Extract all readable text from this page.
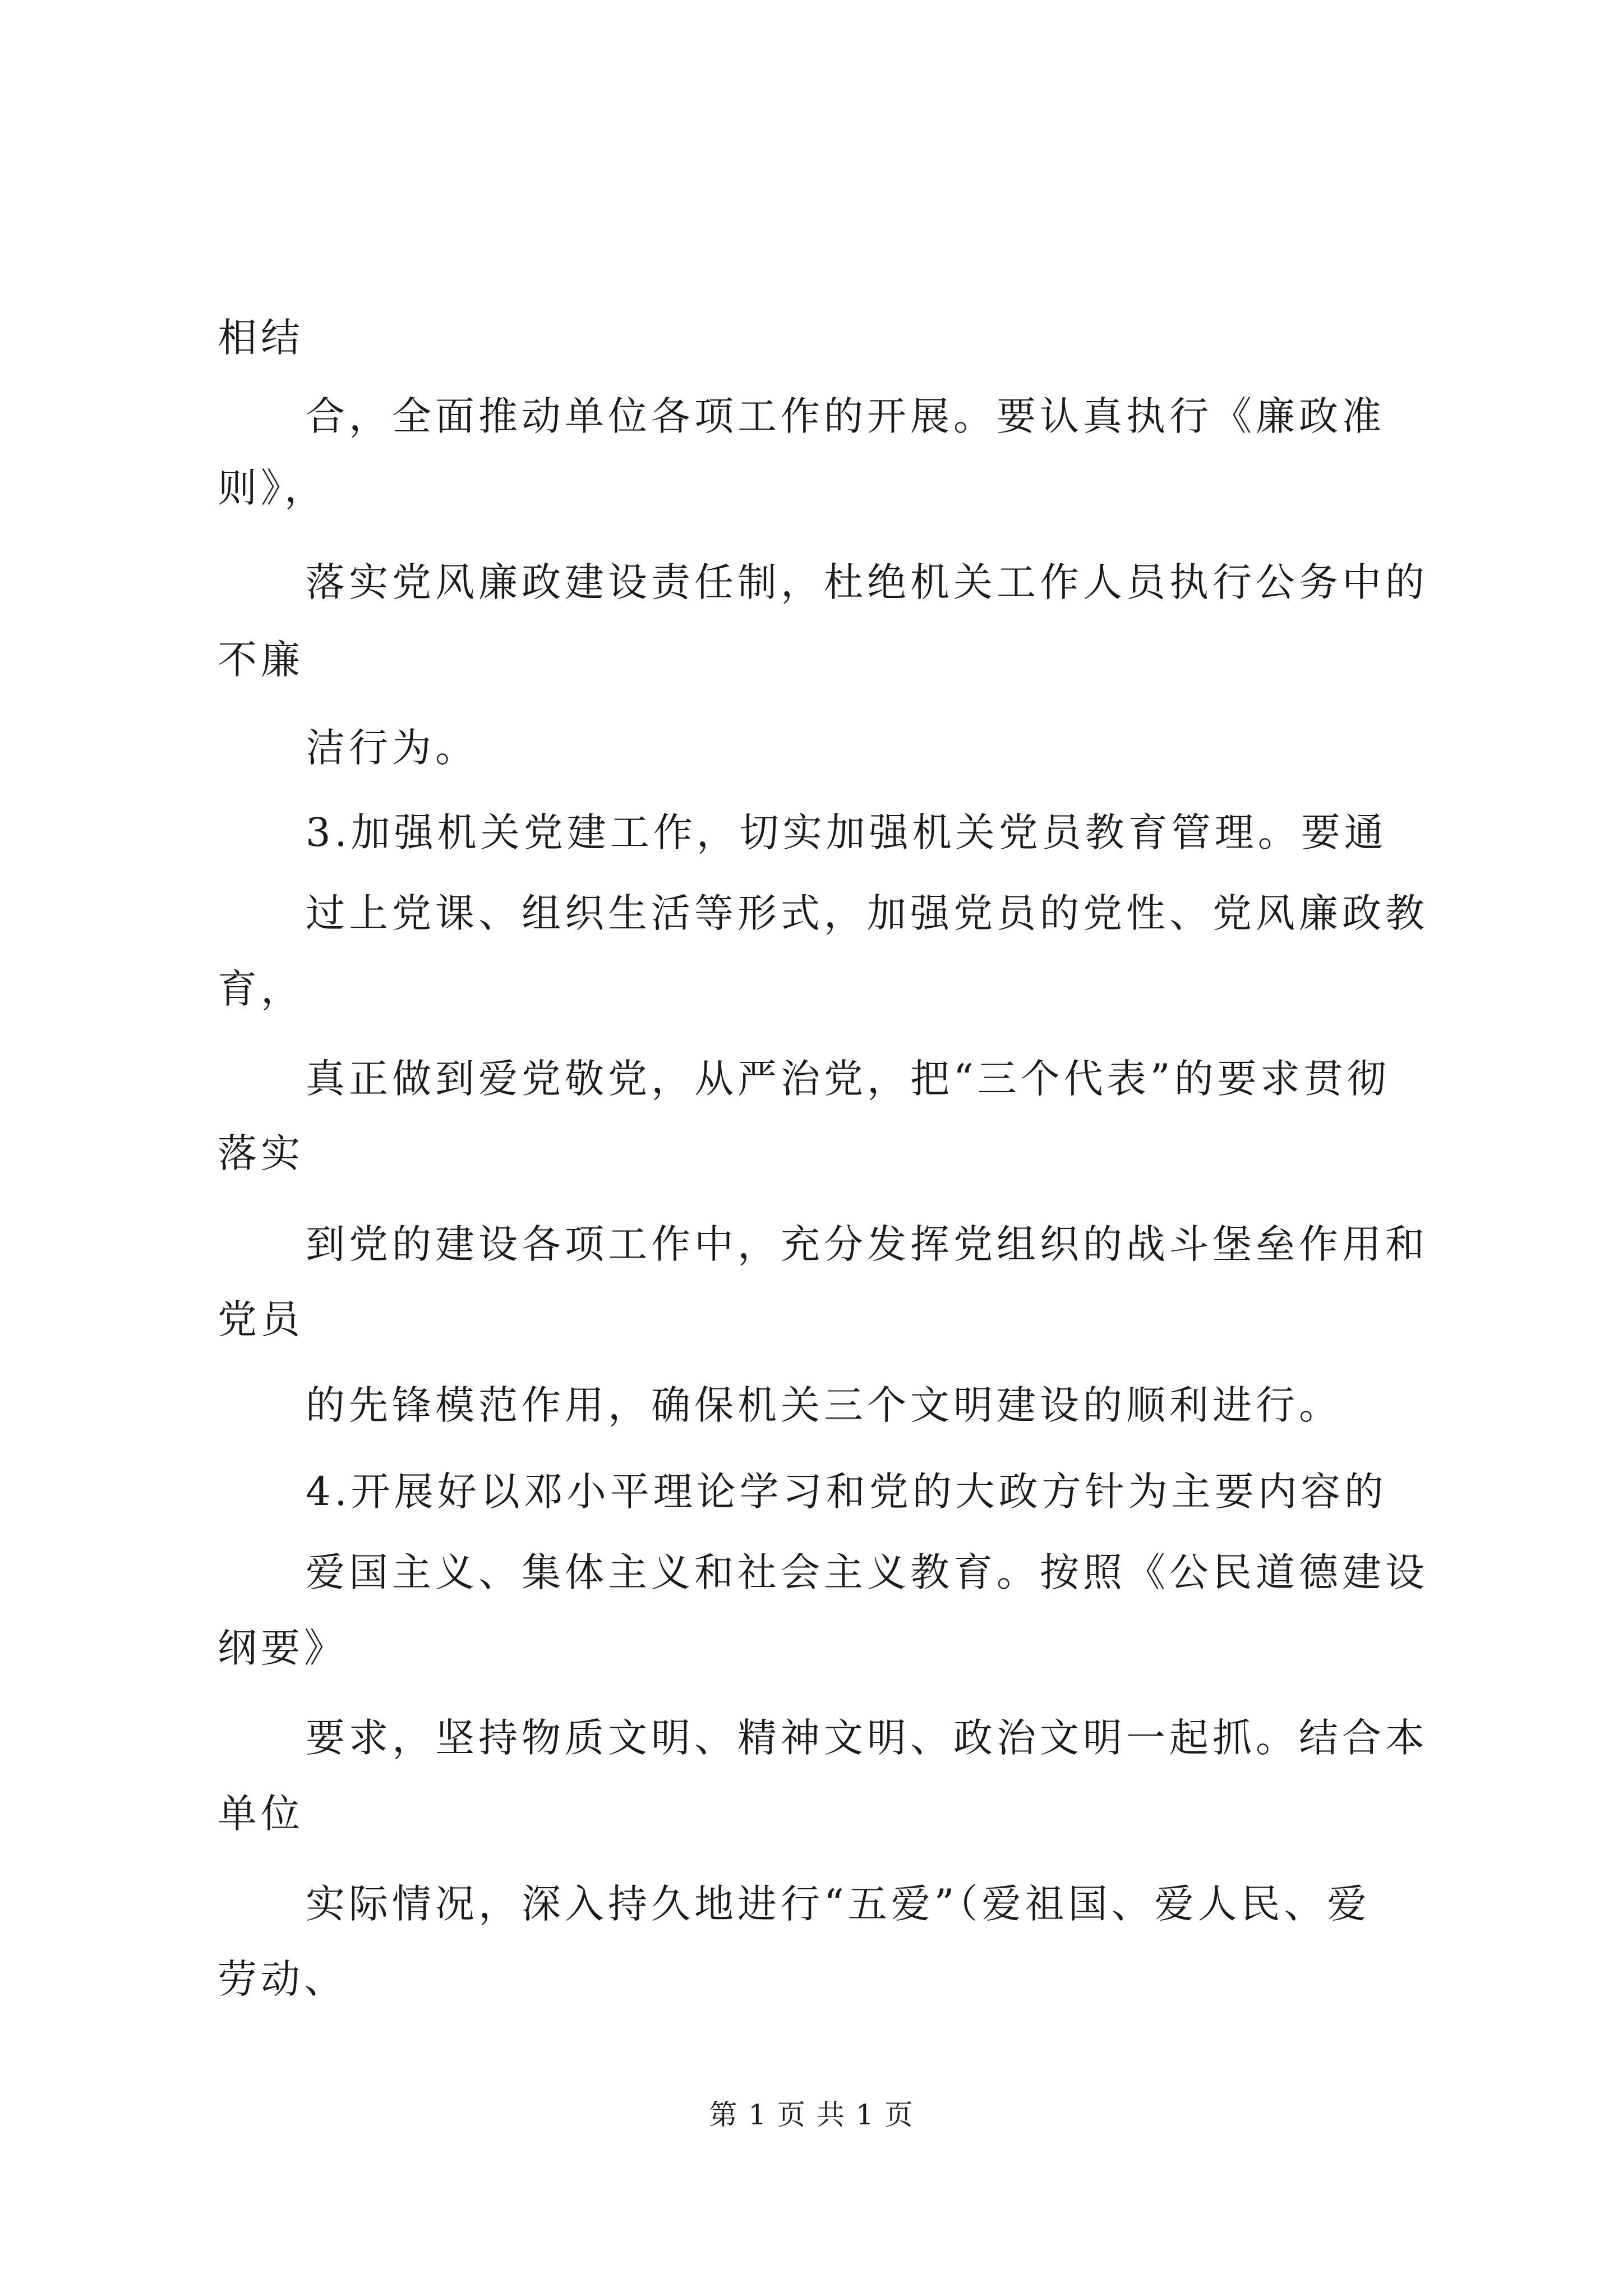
相结

合，全面推动单位各项工作的开展。要认真执行《廉政准

则》，

落实党风廉政建设责任制，杜绝机关工作人员执行公务中的

不廉

洁行为。

3.加强机关党建工作，切实加强机关党员教育管理。要通

过上党课、组织生活等形式，加强党员的党性、党风廉政教

育，

真正做到爱党敬党，从严治党，把“三个代表”的要求贯彻

落实

到党的建设各项工作中，充分发挥党组织的战斗堡垒作用和

党员

的先锋模范作用，确保机关三个文明建设的顺利进行。

4.开展好以邓小平理论学习和党的大政方针为主要内容的

爱国主义、集体主义和社会主义教育。按照《公民道德建设

纲要》

要求，坚持物质文明、精神文明、政治文明一起抓。结合本

单位

实际情况，深入持久地进行“五爱”（爱祖国、爱人民、爱

劳动、

第 1 页 共 1 页
